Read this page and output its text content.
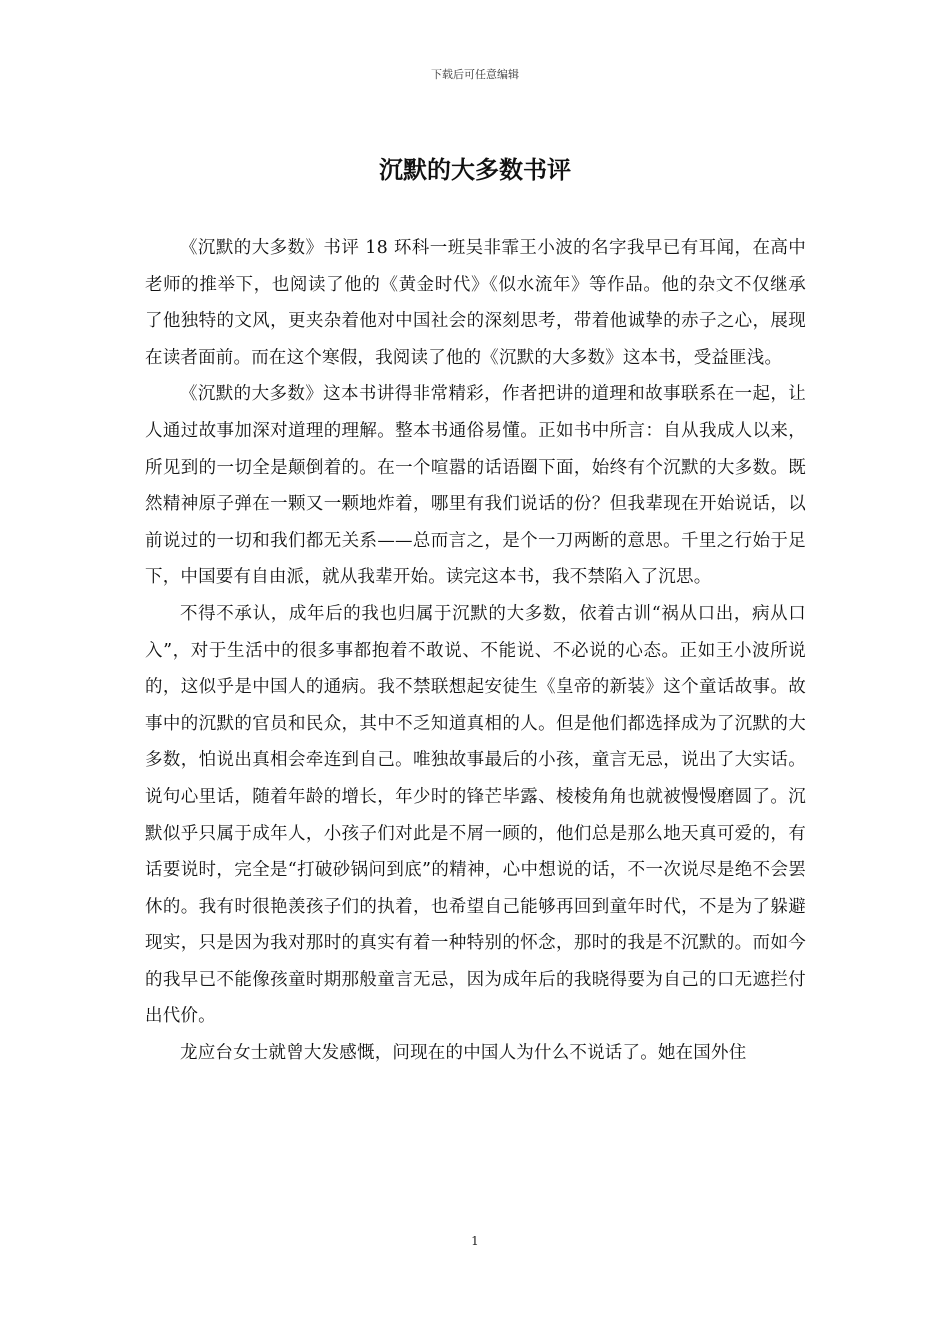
下载后可任意编辑
沉默的大多数书评

《沉默的大多数》书评 18 环科一班吴非霏王小波的名字我早已有耳闻，在高中老师的推举下，也阅读了他的《黄金时代》《似水流年》等作品。他的杂文不仅继承了他独特的文风，更夹杂着他对中国社会的深刻思考，带着他诚挚的赤子之心，展现在读者面前。而在这个寒假，我阅读了他的《沉默的大多数》这本书，受益匪浅。

《沉默的大多数》这本书讲得非常精彩，作者把讲的道理和故事联系在一起，让人通过故事加深对道理的理解。整本书通俗易懂。正如书中所言：自从我成人以来，所见到的一切全是颠倒着的。在一个喧嚣的话语圈下面，始终有个沉默的大多数。既然精神原子弹在一颗又一颗地炸着，哪里有我们说话的份？但我辈现在开始说话，以前说过的一切和我们都无关系——总而言之，是个一刀两断的意思。千里之行始于足下，中国要有自由派，就从我辈开始。读完这本书，我不禁陷入了沉思。

不得不承认，成年后的我也归属于沉默的大多数，依着古训“祸从口出，病从口入”，对于生活中的很多事都抱着不敢说、不能说、不必说的心态。正如王小波所说的，这似乎是中国人的通病。我不禁联想起安徒生《皇帝的新装》这个童话故事。故事中的沉默的官员和民众，其中不乏知道真相的人。但是他们都选择成为了沉默的大多数，怕说出真相会牵连到自己。唯独故事最后的小孩，童言无忌，说出了大实话。说句心里话，随着年龄的增长，年少时的锋芒毕露、棱棱角角也就被慢慢磨圆了。沉默似乎只属于成年人，小孩子们对此是不屑一顾的，他们总是那么地天真可爱的，有话要说时，完全是“打破砂锅问到底”的精神，心中想说的话，不一次说尽是绝不会罢休的。我有时很艳羡孩子们的执着，也希望自己能够再回到童年时代，不是为了躲避现实，只是因为我对那时的真实有着一种特别的怀念，那时的我是不沉默的。而如今的我早已不能像孩童时期那般童言无忌，因为成年后的我晓得要为自己的口无遮拦付出代价。

龙应台女士就曾大发感慨，问现在的中国人为什么不说话了。她在国外住

1
